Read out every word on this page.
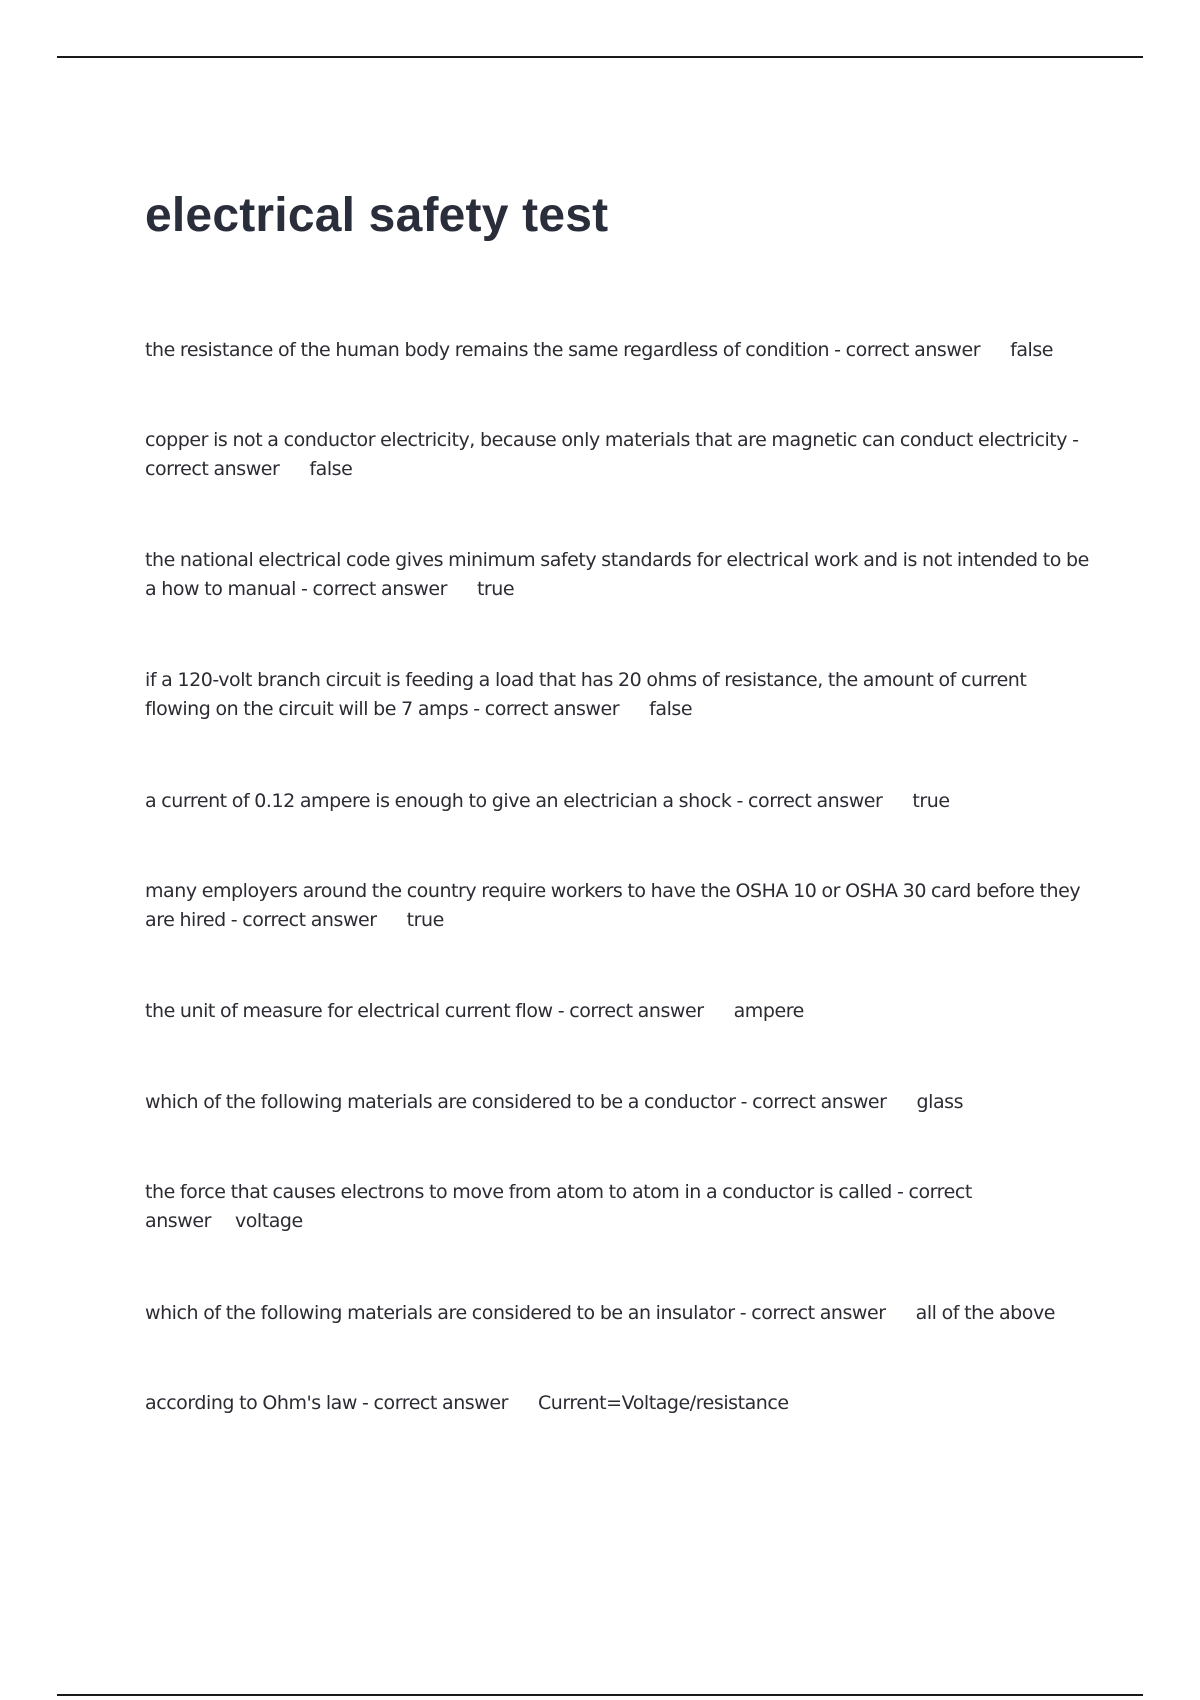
electrical safety test

the resistance of the human body remains the same regardless of condition - correct answer false

copper is not a conductor electricity, because only materials that are magnetic can conduct electricity - correct answer false

the national electrical code gives minimum safety standards for electrical work and is not intended to be a how to manual - correct answer true

if a 120-volt branch circuit is feeding a load that has 20 ohms of resistance, the amount of current flowing on the circuit will be 7 amps - correct answer false

a current of 0.12 ampere is enough to give an electrician a shock - correct answer true

many employers around the country require workers to have the OSHA 10 or OSHA 30 card before they are hired - correct answer true

the unit of measure for electrical current flow - correct answer ampere

which of the following materials are considered to be a conductor - correct answer glass

the force that causes electrons to move from atom to atom in a conductor is called - correct answer voltage

which of the following materials are considered to be an insulator - correct answer all of the above

according to Ohm's law - correct answer Current=Voltage/resistance
